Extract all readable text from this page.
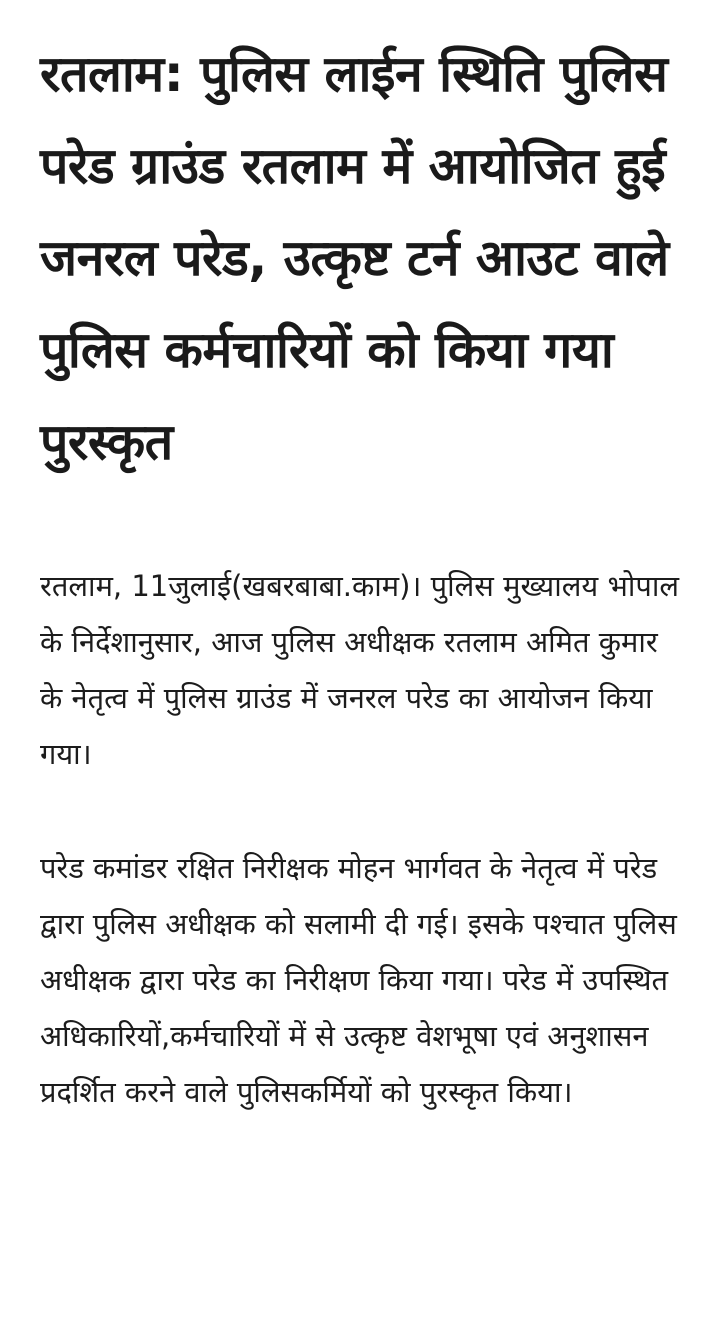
रतलाम: पुलिस लाईन स्थिति पुलिस परेड ग्राउंड रतलाम में आयोजित हुई जनरल परेड, उत्कृष्ट टर्न आउट वाले पुलिस कर्मचारियों को किया गया पुरस्कृत

रतलाम, 11जुलाई(खबरबाबा.काम)। पुलिस मुख्यालय भोपाल के निर्देशानुसार, आज पुलिस अधीक्षक रतलाम अमित कुमार के नेतृत्व में पुलिस ग्राउंड में जनरल परेड का आयोजन किया गया।

परेड कमांडर रक्षित निरीक्षक मोहन भार्गवत के नेतृत्व में परेड द्वारा पुलिस अधीक्षक को सलामी दी गई। इसके पश्चात पुलिस अधीक्षक द्वारा परेड का निरीक्षण किया गया। परेड में उपस्थित अधिकारियों,कर्मचारियों में से उत्कृष्ट वेशभूषा एवं अनुशासन प्रदर्शित करने वाले पुलिसकर्मियों को पुरस्कृत किया।
